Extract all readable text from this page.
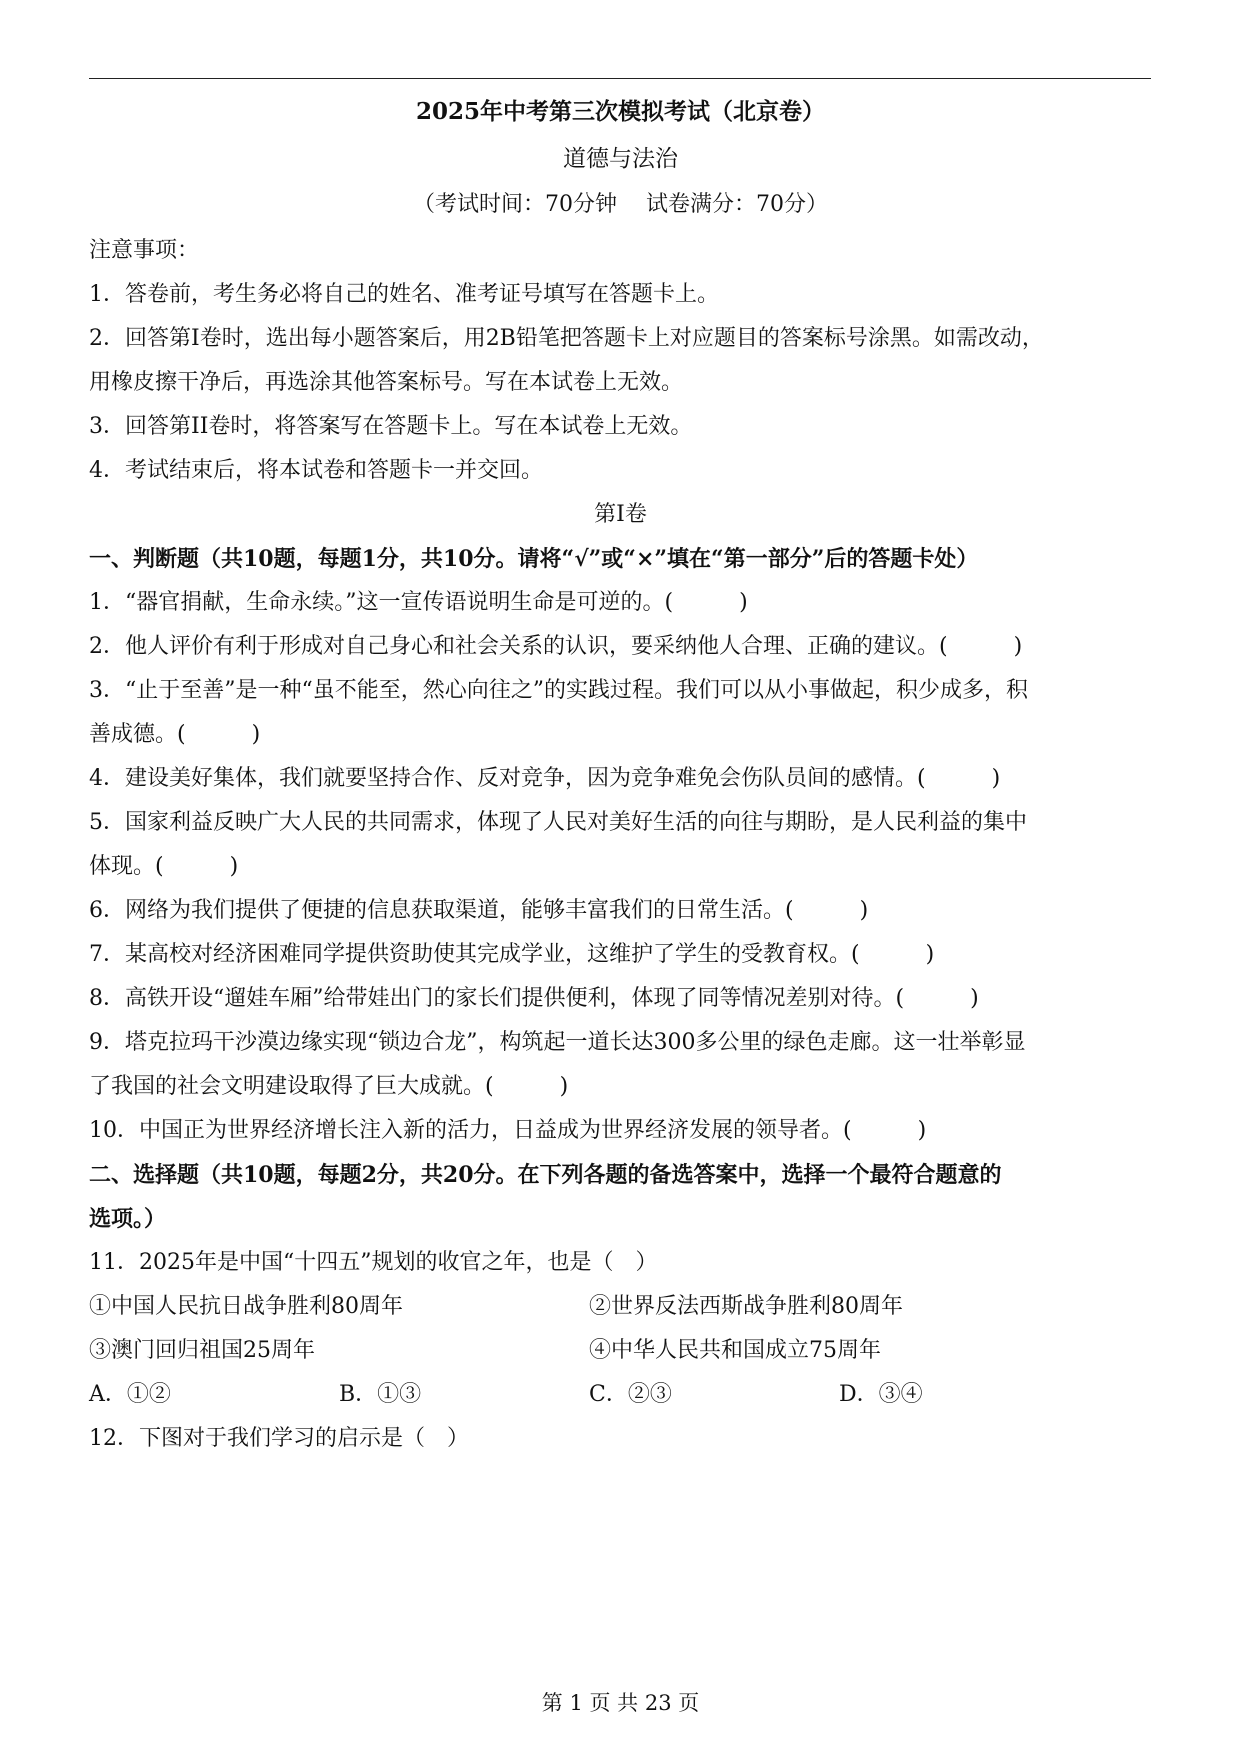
2025年中考第三次模拟考试（北京卷）
道德与法治
（考试时间：70分钟　 试卷满分：70分）
注意事项：
1．答卷前，考生务必将自己的姓名、准考证号填写在答题卡上。
2．回答第I卷时，选出每小题答案后，用2B铅笔把答题卡上对应题目的答案标号涂黑。如需改动，
用橡皮擦干净后，再选涂其他答案标号。写在本试卷上无效。
3．回答第II卷时，将答案写在答题卡上。写在本试卷上无效。
4．考试结束后，将本试卷和答题卡一并交回。
第I卷
一、判断题（共10题，每题1分，共10分。请将“√”或“×”填在“第一部分”后的答题卡处）
1．“器官捐献，生命永续。”这一宣传语说明生命是可逆的。(　　　)
2．他人评价有利于形成对自己身心和社会关系的认识，要采纳他人合理、正确的建议。(　　　)
3．“止于至善”是一种“虽不能至，然心向往之”的实践过程。我们可以从小事做起，积少成多，积
善成德。(　　　)
4．建设美好集体，我们就要坚持合作、反对竞争，因为竞争难免会伤队员间的感情。(　　　)
5．国家利益反映广大人民的共同需求，体现了人民对美好生活的向往与期盼，是人民利益的集中
体现。(　　　)
6．网络为我们提供了便捷的信息获取渠道，能够丰富我们的日常生活。(　　　)
7．某高校对经济困难同学提供资助使其完成学业，这维护了学生的受教育权。(　　　)
8．高铁开设“遛娃车厢”给带娃出门的家长们提供便利，体现了同等情况差别对待。(　　　)
9．塔克拉玛干沙漠边缘实现“锁边合龙”，构筑起一道长达300多公里的绿色走廊。这一壮举彰显
了我国的社会文明建设取得了巨大成就。(　　　)
10．中国正为世界经济增长注入新的活力，日益成为世界经济发展的领导者。(　　　)
二、选择题（共10题，每题2分，共20分。在下列各题的备选答案中，选择一个最符合题意的
选项。）
11．2025年是中国“十四五”规划的收官之年，也是（　）
①中国人民抗日战争胜利80周年	②世界反法西斯战争胜利80周年
③澳门回归祖国25周年	④中华人民共和国成立75周年
A．①②	B．①③	C．②③	D．③④
12．下图对于我们学习的启示是（　）
第 1 页 共 23 页
